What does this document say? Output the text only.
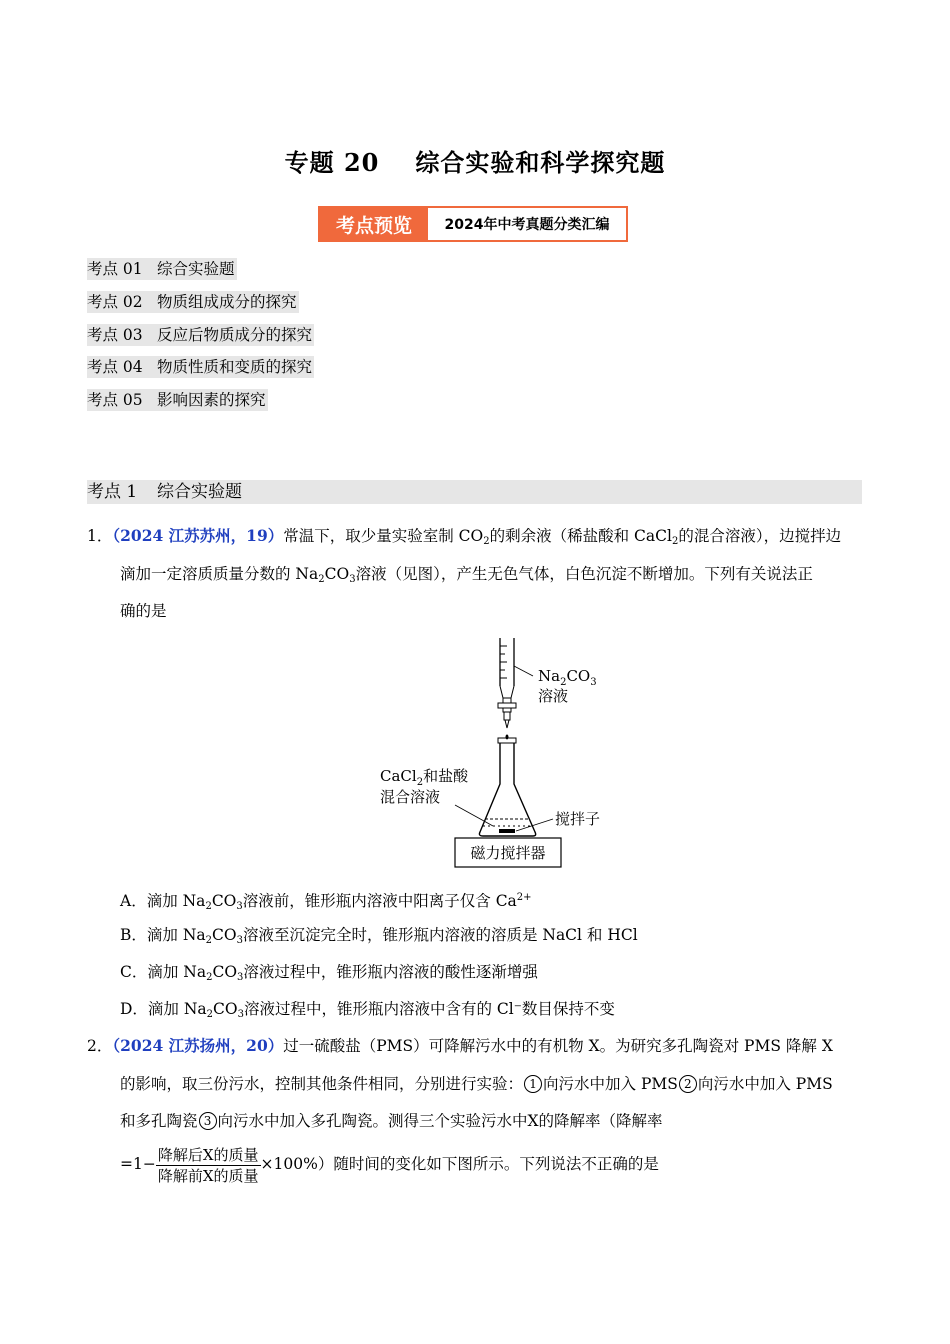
专题 20 综合实验和科学探究题
考点预览	2024年中考真题分类汇编
考点 01 综合实验题
考点 02 物质组成成分的探究
考点 03 反应后物质成分的探究
考点 04 物质性质和变质的探究
考点 05 影响因素的探究
考点 1 综合实验题
1．（2024 江苏苏州，19）常温下，取少量实验室制 $CO_2$的剩余液（稀盐酸和 CaCl$_2$的混合溶液），边搅拌边
滴加一定溶质质量分数的 $Na_2CO_3$溶液（见图），产生无色气体，白色沉淀不断增加。下列有关说法正
确的是
$Na_2CO_3$
溶液
CaCl$_2$和盐酸
混合溶液
搅拌子
磁力搅拌器
A．滴加 $Na_2CO_3$溶液前，锥形瓶内溶液中阳离子仅含 $Ca^{2+}$
B．滴加 $Na_2CO_3$溶液至沉淀完全时，锥形瓶内溶液的溶质是 NaCl 和 HCl
C．滴加 $Na_2CO_3$溶液过程中，锥形瓶内溶液的酸性逐渐增强
D．滴加 $Na_2CO_3$溶液过程中，锥形瓶内溶液中含有的 Cl⁻数目保持不变
2．（2024 江苏扬州，20）过一硫酸盐（PMS）可降解污水中的有机物 X。为研究多孔陶瓷对 PMS 降解 X
的影响，取三份污水，控制其他条件相同，分别进行实验： 1 向污水中加入 PMS 2 向污水中加入 PMS
和多孔陶瓷 3 向污水中加入多孔陶瓷。测得三个实验污水中X的降解率（降解率
$=1- \frac{\text{降解后X的质量}}{\text{降解前X的质量}} \times 100\%$）随时间的变化如下图所示。下列说法不正确的是
